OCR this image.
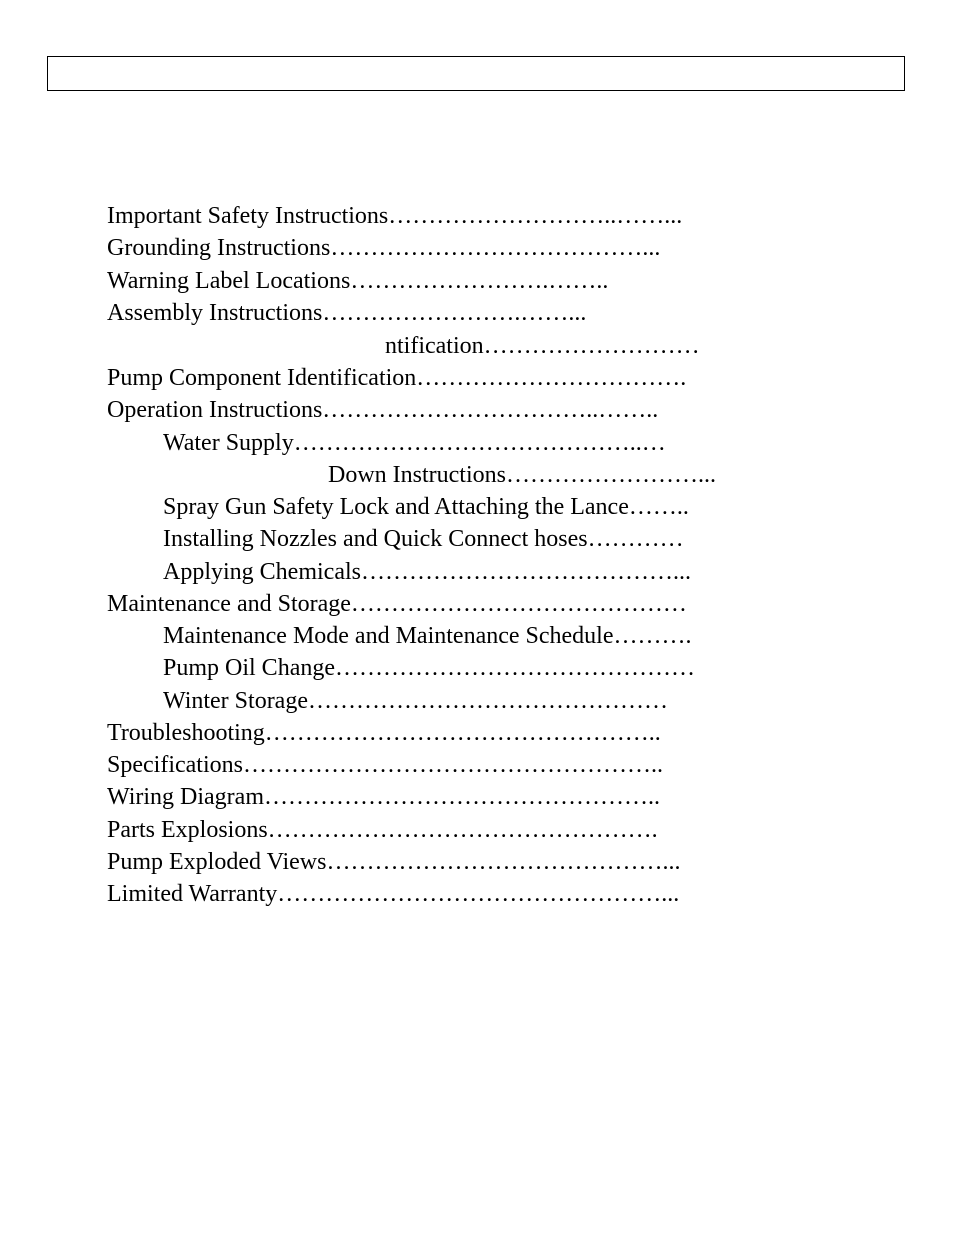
Important Safety Instructions………………………..……...
Grounding Instructions…………………………………...
Warning Label Locations…………………….……..
Assembly Instructions…………………….……...
ntification………………………
Pump Component Identification…………………………….
Operation Instructions……………………………..……..
Water Supply……………………………………..…
Down Instructions……………………...
Spray Gun Safety Lock and Attaching the Lance……..
Installing Nozzles and Quick Connect hoses…………
Applying Chemicals…………………………………...
Maintenance and Storage……………………………………
Maintenance Mode and Maintenance Schedule……….
Pump Oil Change………………………………………
Winter Storage………………………………………
Troubleshooting…………………………………………..
Specifications……………………………………………..
Wiring Diagram…………………………………………..
Parts Explosions………………………………………….
Pump Exploded Views……………………………………...
Limited Warranty…………………………………………...
